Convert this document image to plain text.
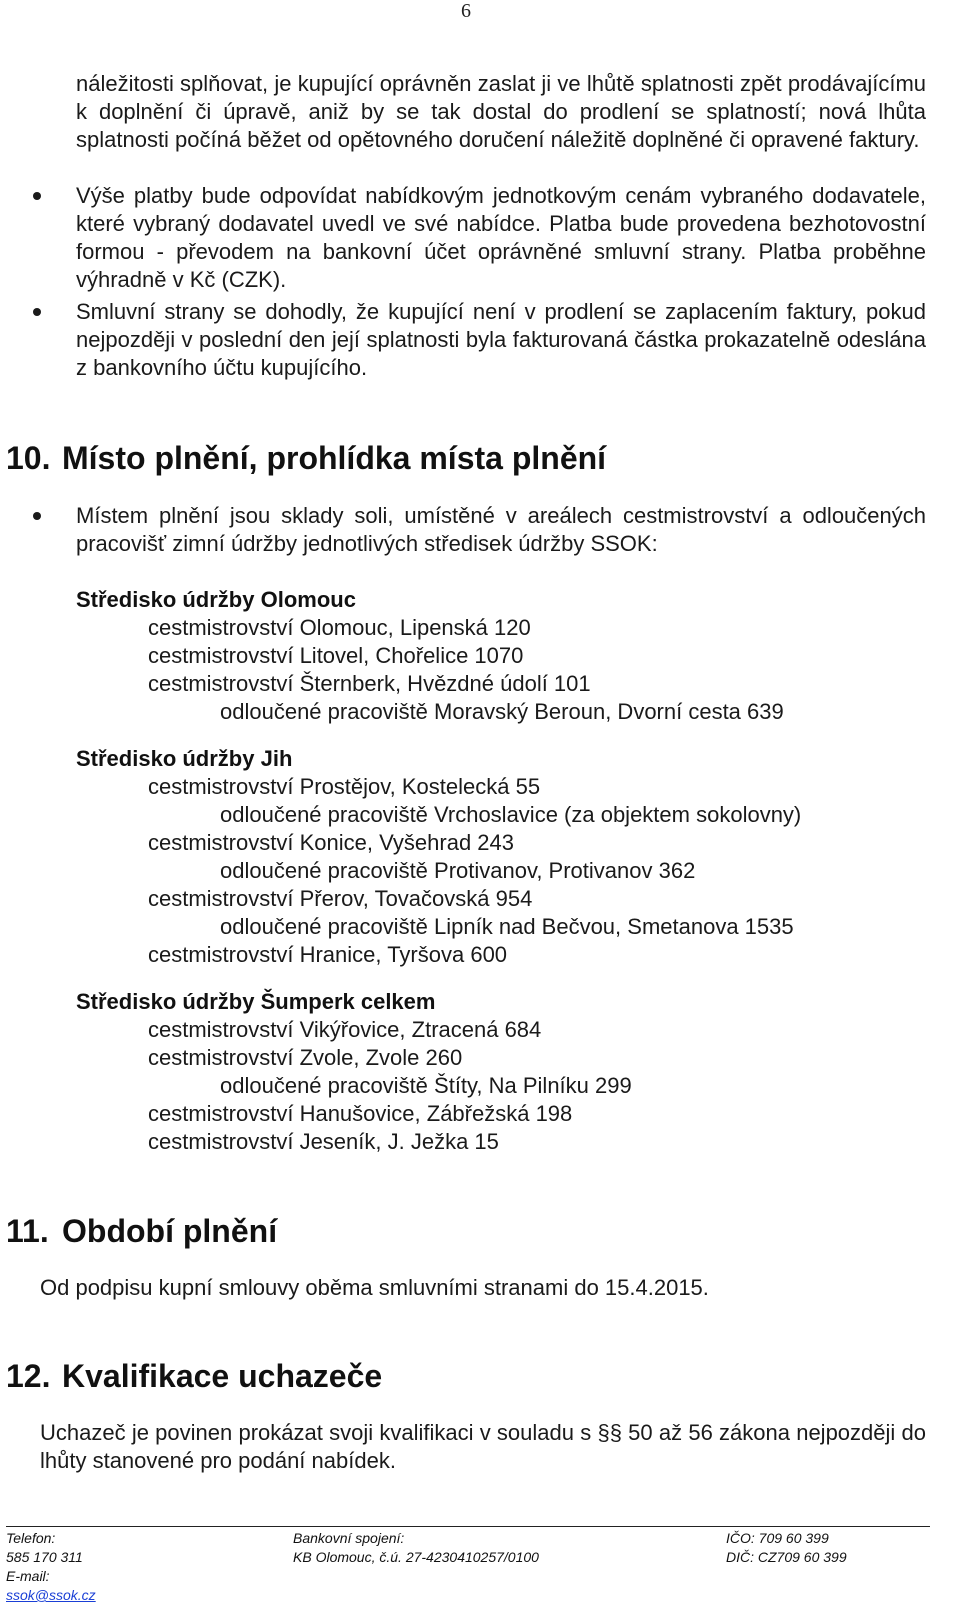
6
náležitosti splňovat, je kupující oprávněn zaslat ji ve lhůtě splatnosti zpět prodávajícímu k doplnění či úpravě, aniž by se tak dostal do prodlení se splatností; nová lhůta splatnosti počíná běžet od opětovného doručení náležitě doplněné či opravené faktury.
Výše platby bude odpovídat nabídkovým jednotkovým cenám vybraného dodavatele, které vybraný dodavatel uvedl ve své nabídce. Platba bude provedena bezhotovostní formou - převodem na bankovní účet oprávněné smluvní strany. Platba proběhne výhradně v Kč (CZK).
Smluvní strany se dohodly, že kupující není v prodlení se zaplacením faktury, pokud nejpozději v poslední den její splatnosti byla fakturovaná částka prokazatelně odeslána z bankovního účtu kupujícího.
10. Místo plnění, prohlídka místa plnění
Místem plnění jsou sklady soli, umístěné v areálech cestmistrovství a odloučených pracovišť zimní údržby jednotlivých středisek údržby SSOK:
Středisko údržby Olomouc
cestmistrovství Olomouc, Lipenská 120
cestmistrovství Litovel, Chořelice 1070
cestmistrovství Šternberk, Hvězdné údolí 101
odloučené pracoviště Moravský Beroun, Dvorní cesta 639
Středisko údržby Jih
cestmistrovství Prostějov, Kostelecká 55
odloučené pracoviště Vrchoslavice (za objektem sokolovny)
cestmistrovství Konice, Vyšehrad 243
odloučené pracoviště Protivanov, Protivanov 362
cestmistrovství Přerov, Tovačovská 954
odloučené pracoviště Lipník nad Bečvou, Smetanova 1535
cestmistrovství Hranice, Tyršova 600
Středisko údržby Šumperk celkem
cestmistrovství Vikýřovice, Ztracená 684
cestmistrovství Zvole, Zvole 260
odloučené pracoviště Štíty, Na Pilníku 299
cestmistrovství Hanušovice, Zábřežská 198
cestmistrovství Jeseník, J. Ježka 15
11. Období plnění
Od podpisu kupní smlouvy oběma smluvními stranami do 15.4.2015.
12. Kvalifikace uchazeče
Uchazeč je povinen prokázat svoji kvalifikaci v souladu s §§ 50 až 56 zákona nejpozději do lhůty stanovené pro podání nabídek.
Telefon:
585 170 311
E-mail:
ssok@ssok.cz
Bankovní spojení:
KB Olomouc, č.ú. 27-4230410257/0100
IČO: 709 60 399
DIČ: CZ709 60 399
